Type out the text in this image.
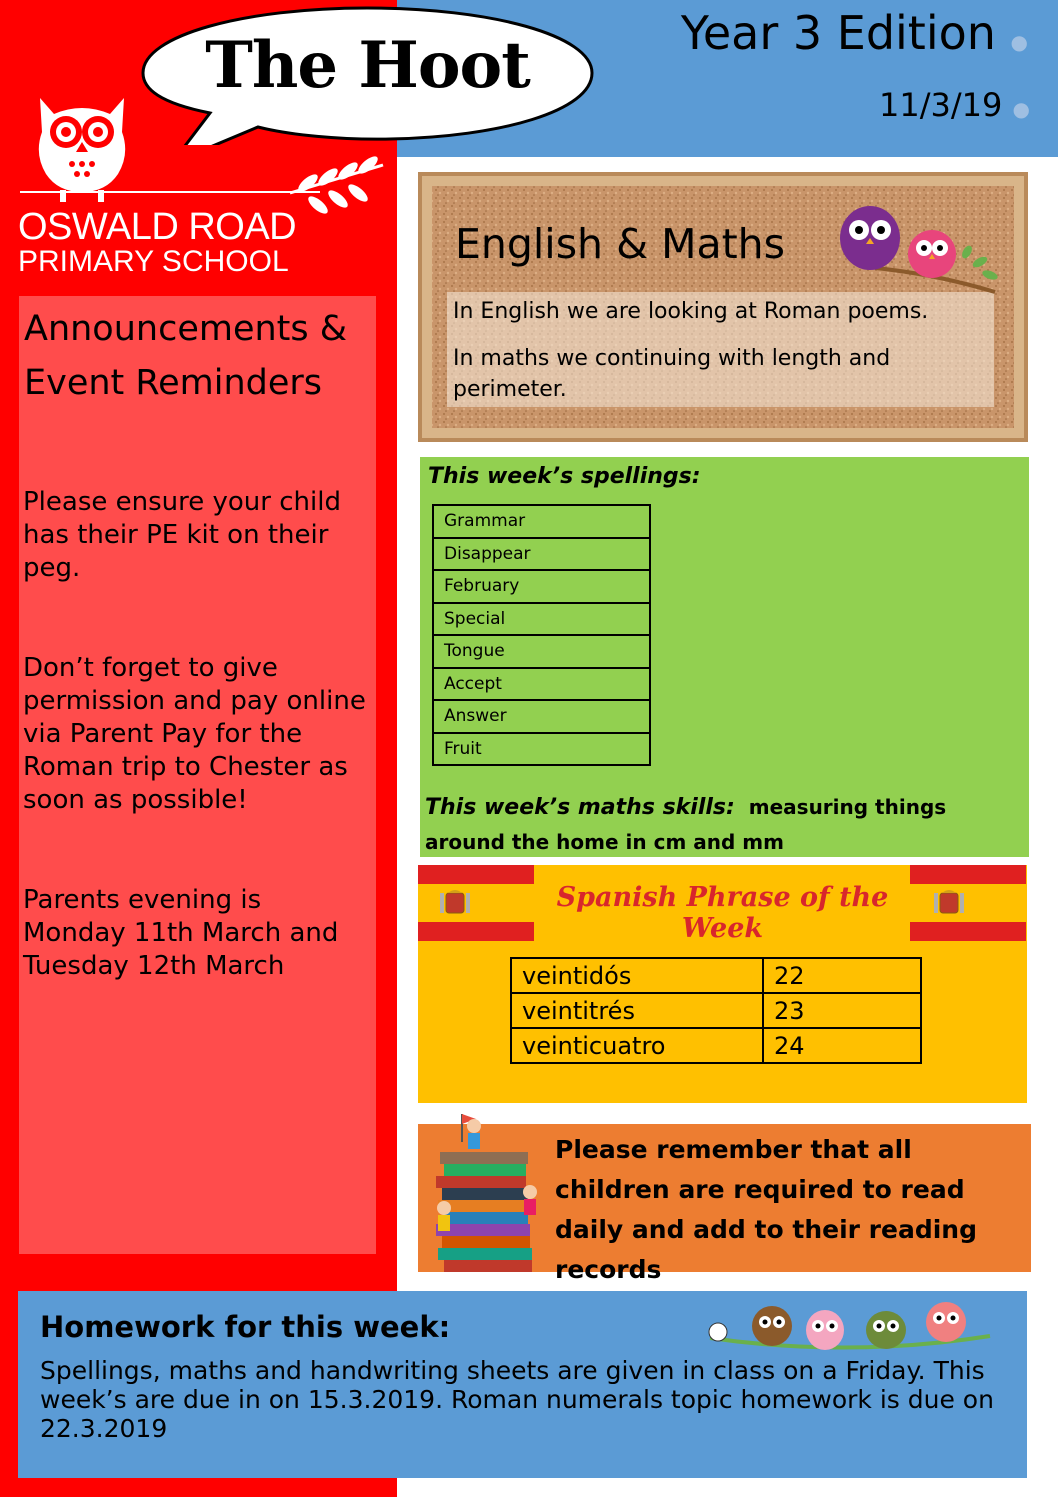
The Hoot	Year 3 Edition ●
11/3/19 ●
OSWALD ROAD
PRIMARY SCHOOL
Announcements &
Event Reminders
Please ensure your child has their PE kit on their peg.
Don’t forget to give permission and pay online via Parent Pay for the Roman trip to Chester as soon as possible!
Parents evening is Monday 11th March and Tuesday 12th March
English & Maths
In English we are looking at Roman poems.
In maths we continuing with length and perimeter.
This week’s spellings:
Grammar
Disappear
February
Special
Tongue
Accept
Answer
Fruit
This week’s maths skills: measuring things around the home in cm and mm
Spanish Phrase of the Week
veintidós	22
veintitrés	23
veinticuatro	24
Please remember that all children are required to read daily and add to their reading records
Homework for this week:
Spellings, maths and handwriting sheets are given in class on a Friday. This week’s are due in on 15.3.2019. Roman numerals topic homework is due on 22.3.2019
